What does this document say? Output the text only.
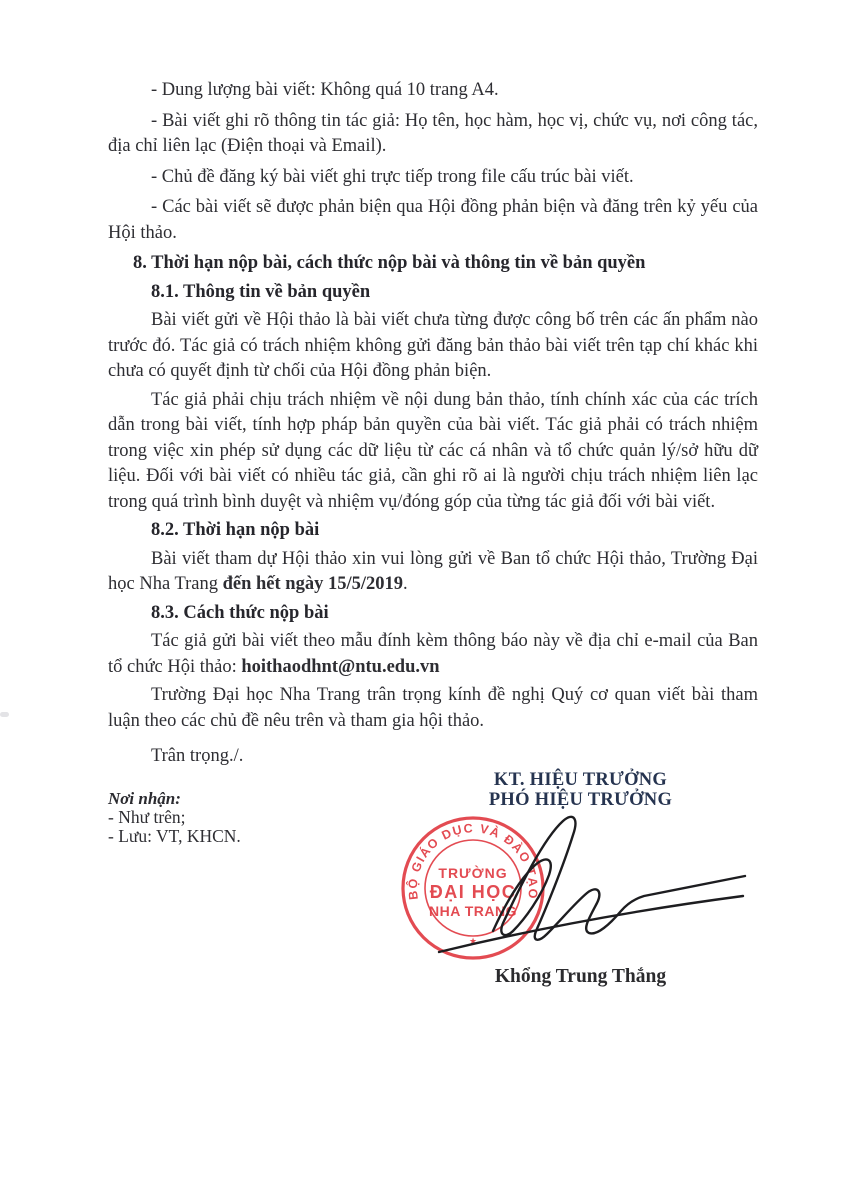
- Dung lượng bài viết: Không quá 10 trang A4.

- Bài viết ghi rõ thông tin tác giả: Họ tên, học hàm, học vị, chức vụ, nơi công tác, địa chỉ liên lạc (Điện thoại và Email).

- Chủ đề đăng ký bài viết ghi trực tiếp trong file cấu trúc bài viết.

- Các bài viết sẽ được phản biện qua Hội đồng phản biện và đăng trên kỷ yếu của Hội thảo.

8. Thời hạn nộp bài, cách thức nộp bài và thông tin về bản quyền

8.1. Thông tin về bản quyền

Bài viết gửi về Hội thảo là bài viết chưa từng được công bố trên các ấn phẩm nào trước đó. Tác giả có trách nhiệm không gửi đăng bản thảo bài viết trên tạp chí khác khi chưa có quyết định từ chối của Hội đồng phản biện.

Tác giả phải chịu trách nhiệm về nội dung bản thảo, tính chính xác của các trích dẫn trong bài viết, tính hợp pháp bản quyền của bài viết. Tác giả phải có trách nhiệm trong việc xin phép sử dụng các dữ liệu từ các cá nhân và tổ chức quản lý/sở hữu dữ liệu. Đối với bài viết có nhiều tác giả, cần ghi rõ ai là người chịu trách nhiệm liên lạc trong quá trình bình duyệt và nhiệm vụ/đóng góp của từng tác giả đối với bài viết.

8.2. Thời hạn nộp bài

Bài viết tham dự Hội thảo xin vui lòng gửi về Ban tổ chức Hội thảo, Trường Đại học Nha Trang đến hết ngày 15/5/2019.

8.3. Cách thức nộp bài

Tác giả gửi bài viết theo mẫu đính kèm thông báo này về địa chỉ e-mail của Ban tổ chức Hội thảo: hoithaodhnt@ntu.edu.vn

Trường Đại học Nha Trang trân trọng kính đề nghị Quý cơ quan viết bài tham luận theo các chủ đề nêu trên và tham gia hội thảo.

Trân trọng./.

KT. HIỆU TRƯỞNG
PHÓ HIỆU TRƯỞNG
Nơi nhận:
- Như trên;
- Lưu: VT, KHCN.
BỘ GIÁO DỤC VÀ ĐÀO TẠO
TRƯỜNG
ĐẠI HỌC
NHA TRANG
★
Khổng Trung Thắng
